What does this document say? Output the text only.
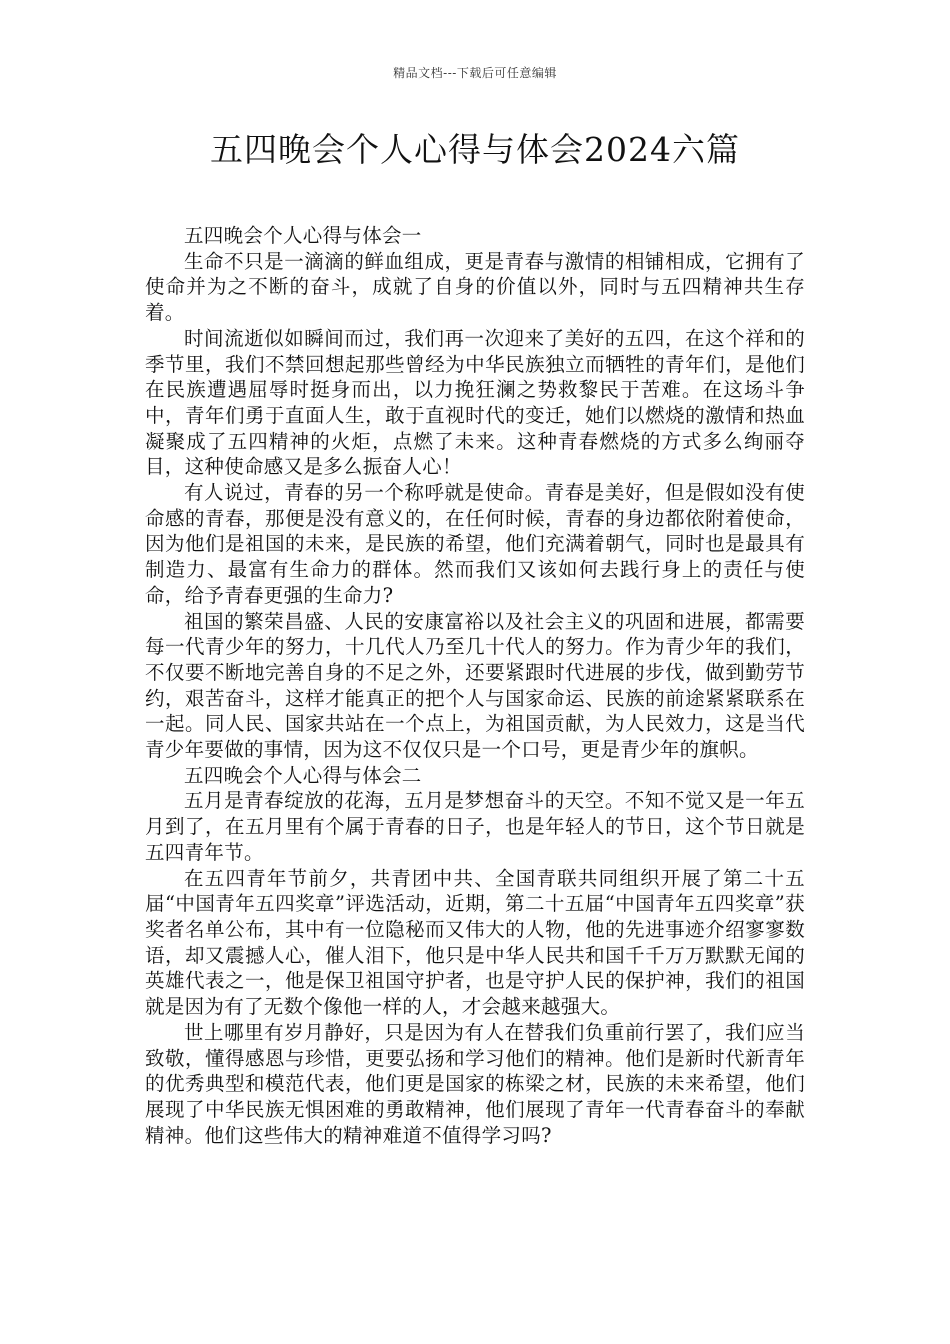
精品文档---下载后可任意编辑
五四晚会个人心得与体会2024六篇

五四晚会个人心得与体会一

生命不只是一滴滴的鲜血组成，更是青春与激情的相铺相成，它拥有了使命并为之不断的奋斗，成就了自身的价值以外，同时与五四精神共生存着。

时间流逝似如瞬间而过，我们再一次迎来了美好的五四，在这个祥和的季节里，我们不禁回想起那些曾经为中华民族独立而牺牲的青年们，是他们在民族遭遇屈辱时挺身而出，以力挽狂澜之势救黎民于苦难。在这场斗争中，青年们勇于直面人生，敢于直视时代的变迁，她们以燃烧的激情和热血凝聚成了五四精神的火炬，点燃了未来。这种青春燃烧的方式多么绚丽夺目，这种使命感又是多么振奋人心！

有人说过，青春的另一个称呼就是使命。青春是美好，但是假如没有使命感的青春，那便是没有意义的，在任何时候，青春的身边都依附着使命，因为他们是祖国的未来，是民族的希望，他们充满着朝气，同时也是最具有制造力、最富有生命力的群体。然而我们又该如何去践行身上的责任与使命，给予青春更强的生命力?

祖国的繁荣昌盛、人民的安康富裕以及社会主义的巩固和进展，都需要每一代青少年的努力，十几代人乃至几十代人的努力。作为青少年的我们，不仅要不断地完善自身的不足之外，还要紧跟时代进展的步伐，做到勤劳节约，艰苦奋斗，这样才能真正的把个人与国家命运、民族的前途紧紧联系在一起。同人民、国家共站在一个点上，为祖国贡献，为人民效力，这是当代青少年要做的事情，因为这不仅仅只是一个口号，更是青少年的旗帜。

五四晚会个人心得与体会二

五月是青春绽放的花海，五月是梦想奋斗的天空。不知不觉又是一年五月到了，在五月里有个属于青春的日子，也是年轻人的节日，这个节日就是五四青年节。

在五四青年节前夕，共青团中共、全国青联共同组织开展了第二十五届“中国青年五四奖章”评选活动，近期，第二十五届“中国青年五四奖章”获奖者名单公布，其中有一位隐秘而又伟大的人物，他的先进事迹介绍寥寥数语，却又震撼人心，催人泪下，他只是中华人民共和国千千万万默默无闻的英雄代表之一，他是保卫祖国守护者，也是守护人民的保护神，我们的祖国就是因为有了无数个像他一样的人，才会越来越强大。

世上哪里有岁月静好，只是因为有人在替我们负重前行罢了，我们应当致敬，懂得感恩与珍惜，更要弘扬和学习他们的精神。他们是新时代新青年的优秀典型和模范代表，他们更是国家的栋梁之材，民族的未来希望，他们展现了中华民族无惧困难的勇敢精神，他们展现了青年一代青春奋斗的奉献精神。他们这些伟大的精神难道不值得学习吗?
